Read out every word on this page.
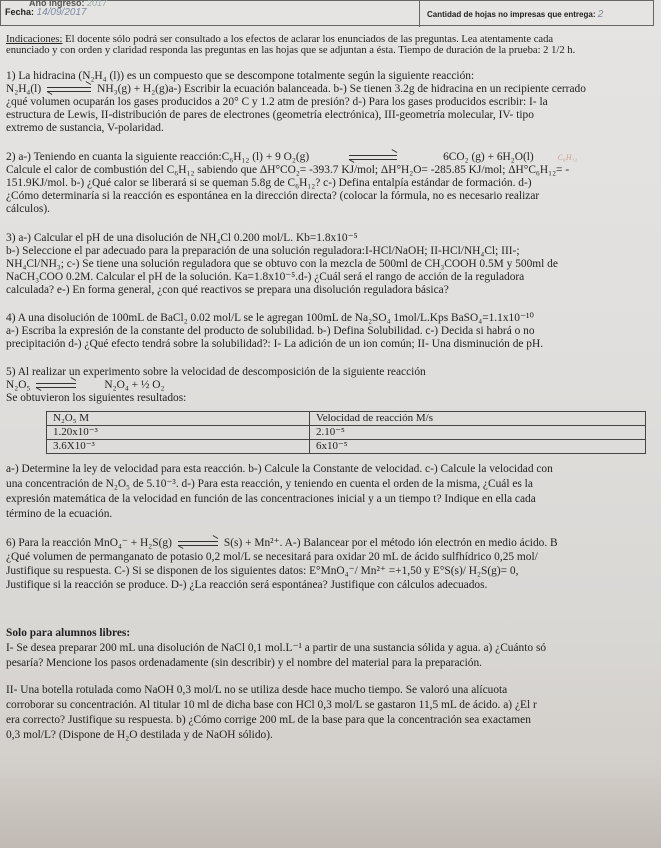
Año ingreso: 2017
Fecha: 14/09/2017	Cantidad de hojas no impresas que entrega: 2

Indicaciones: El docente sólo podrá ser consultado a los efectos de aclarar los enunciados de las preguntas. Lea atentamente cada

enunciado y con orden y claridad responda las preguntas en las hojas que se adjuntan a ésta. Tiempo de duración de la prueba: 2 1/2 h.

1) La hidracina (N₂H₄ (l)) es un compuesto que se descompone totalmente según la siguiente reacción:

N₂H₄(l)	NH₃(g) + H₂(g)a-) Escribir la ecuación balanceada. b-) Se tienen 3.2g de hidracina en un recipiente cerrado

¿qué volumen ocuparán los gases producidos a 20° C y 1.2 atm de presión? d-) Para los gases producidos escribir: I- la

estructura de Lewis, II-distribución de pares de electrones (geometría electrónica), III-geometría molecular, IV- tipo

extremo de sustancia, V-polaridad.

2) a-) Teniendo en cuanta la siguiente reacción:C₆H₁₂ (l) + 9 O₂(g)	6CO₂ (g) + 6H₂O(l)	C₆H₁₂

Calcule el calor de combustión del C₆H₁₂ sabiendo que ΔH°CO₂= -393.7 KJ/mol; ΔH°H₂O= -285.85 KJ/mol; ΔH°C₆H₁₂= -

151.9KJ/mol. b-) ¿Qué calor se liberará si se queman 5.8g de C₆H₁₂? c-) Defina entalpía estándar de formación. d-)

¿Cómo determinaría si la reacción es espontánea en la dirección directa? (colocar la fórmula, no es necesario realizar

cálculos).

3) a-) Calcular el pH de una disolución de NH₄Cl 0.200 mol/L. Kb=1.8x10⁻⁵

b-) Seleccione el par adecuado para la preparación de una solución reguladora:I-HCl/NaOH; II-HCl/NH₄Cl; III-;

NH₄Cl/NH₃; c-) Se tiene una solución reguladora que se obtuvo con la mezcla de 500ml de CH₃COOH 0.5M y 500ml de

NaCH₃COO 0.2M. Calcular el pH de la solución. Ka=1.8x10⁻⁵.d-) ¿Cuál será el rango de acción de la reguladora

calculada? e-) En forma general, ¿con qué reactivos se prepara una disolución reguladora básica?

4) A una disolución de 100mL de BaCl₂ 0.02 mol/L se le agregan 100mL de Na₂SO₄ 1mol/L.Kps BaSO₄=1.1x10⁻¹⁰

a-) Escriba la expresión de la constante del producto de solubilidad. b-) Defina Solubilidad. c-) Decida si habrá o no

precipitación d-) ¿Qué efecto tendrá sobre la solubilidad?: I- La adición de un ion común; II- Una disminución de pH.

5) Al realizar un experimento sobre la velocidad de descomposición de la siguiente reacción

N₂O₅	N₂O₄ + ½ O₂

Se obtuvieron los siguientes resultados:

N₂O₅ M	Velocidad de reacción M/s
1.20x10⁻³	2.10⁻⁵
3.6X10⁻³	6x10⁻⁵

a-) Determine la ley de velocidad para esta reacción. b-) Calcule la Constante de velocidad. c-) Calcule la velocidad con

una concentración de N₂O₅ de 5.10⁻³. d-) Para esta reacción, y teniendo en cuenta el orden de la misma, ¿Cuál es la

expresión matemática de la velocidad en función de las concentraciones inicial y a un tiempo t? Indique en ella cada

término de la ecuación.

6) Para la reacción MnO₄⁻ + H₂S(g)	S(s) + Mn²⁺. A-) Balancear por el método ión electrón en medio ácido. B

¿Qué volumen de permanganato de potasio 0,2 mol/L se necesitará para oxidar 20 mL de ácido sulfhídrico 0,25 mol/

Justifique su respuesta. C-) Si se disponen de los siguientes datos: E°MnO₄⁻/ Mn²⁺ =+1,50 y E°S(s)/ H₂S(g)= 0,

Justifique si la reacción se produce. D-) ¿La reacción será espontánea? Justifique con cálculos adecuados.

Solo para alumnos libres:

I- Se desea preparar 200 mL una disolución de NaCl 0,1 mol.L⁻¹ a partir de una sustancia sólida y agua. a) ¿Cuánto só

pesaría? Mencione los pasos ordenadamente (sin describir) y el nombre del material para la preparación.

II- Una botella rotulada como NaOH 0,3 mol/L no se utiliza desde hace mucho tiempo. Se valoró una alícuota

corroborar su concentración. Al titular 10 ml de dicha base con HCl 0,3 mol/L se gastaron 11,5 mL de ácido. a) ¿El r

era correcto? Justifique su respuesta. b) ¿Cómo corrige 200 mL de la base para que la concentración sea exactamen

0,3 mol/L? (Dispone de H₂O destilada y de NaOH sólido).
